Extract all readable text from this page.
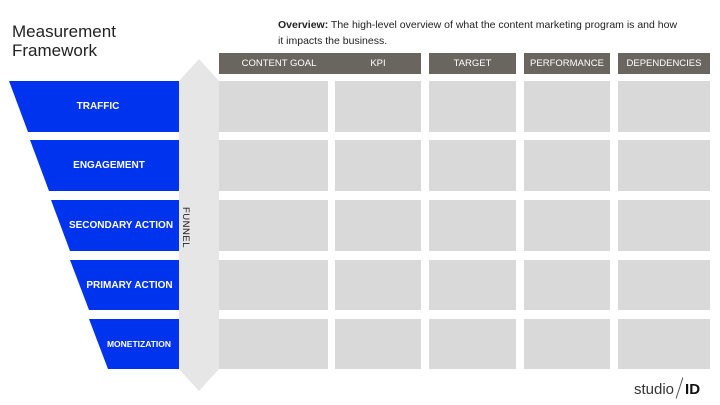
Measurement Framework
Overview: The high-level overview of what the content marketing program is and how it impacts the business.
TRAFFIC
ENGAGEMENT
SECONDARY ACTION
PRIMARY ACTION
MONETIZATION
FUNNEL
CONTENT GOAL	KPI	TARGET	PERFORMANCE	DEPENDENCIES
studio ID
